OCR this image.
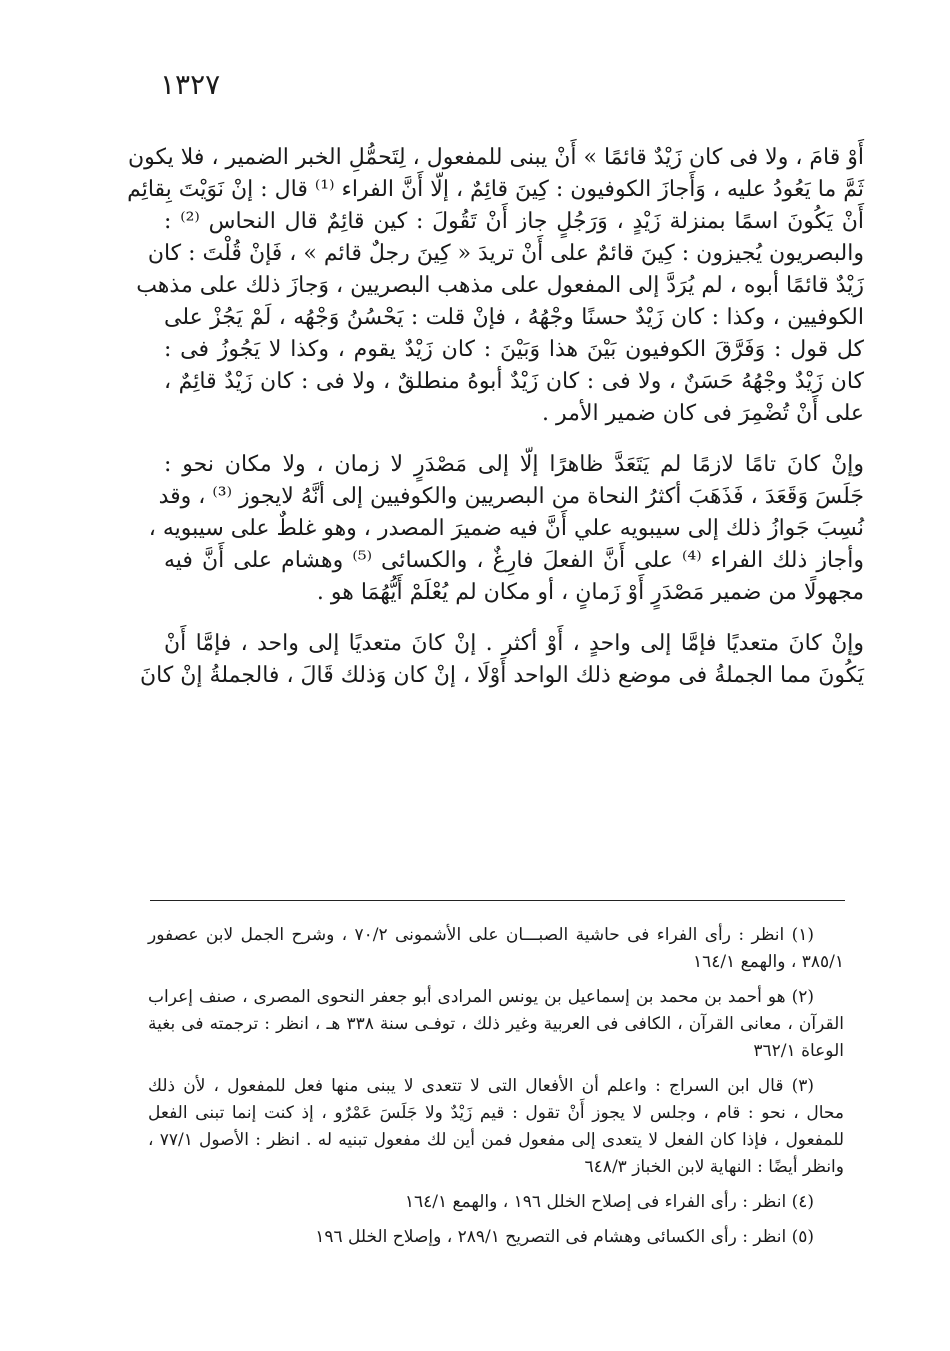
١٣٢٧

أَوْ قامَ ، ولا فى كان زَيْدٌ قائمًا » أَنْ يبنى للمفعول ، لِتَحمُّلِ الخبر الضمير ، فلا يكون

ثَمَّ ما يَعُودُ عليه ، وَأَجازَ الكوفيون : كِينَ قائِمٌ ، إلّا أَنَّ الفراء ⁽¹⁾ قال : إنْ نَوَيْتَ بِقائِم

أَنْ يَكُونَ اسمًا بمنزلة زَيْدٍ ، وَرَجُلٍ جاز أَنْ تَقُولَ : كين قائِمٌ قال النحاس ⁽²⁾ :

والبصريون يُجيزون : كِينَ قائمٌ على أَنْ تريدَ « كِينَ رجلٌ قائم » ، فَإنْ قُلْتَ : كان

زَيْدٌ قائمًا أبوه ، لم يُرَدَّ إلى المفعول على مذهب البصريين ، وَجازَ ذلك على مذهب

الكوفيين ، وكذا : كان زَيْدٌ حسنًا وجْهُهُ ، فإنْ قلت : يَحْسُنُ وَجْهُه ، لَمْ يَجُزْ على

كل قول : وَفَرَّقَ الكوفيون بَيْنَ هذا وَبَيْنَ : كان زَيْدٌ يقوم ، وكذا لا يَجُوزُ فى :

كان زَيْدٌ وجْهُهُ حَسَنٌ ، ولا فى : كان زَيْدٌ أبوهُ منطلقٌ ، ولا فى : كان زَيْدٌ قائِمٌ ،

على أَنْ تُضْمِرَ فى كان ضمير الأمر .

وإنْ كانَ تامًا لازمًا لم يَتَعَدَّ ظاهرًا إلّا إلى مَصْدَرٍ لا زمان ، ولا مكان نحو :

جَلَسَ وَقَعَدَ ، فَذَهَبَ أكثرُ النحاة من البصريين والكوفيين إلى أنَّهُ لايجوز ⁽³⁾ ، وقد

نُسِبَ جَوازُ ذلك إلى سيبويه علي أَنَّ فيه ضميرَ المصدر ، وهو غلطٌ على سيبويه ،

وأجاز ذلك الفراء ⁽⁴⁾ على أَنَّ الفعلَ فارِغٌ ، والكسائى ⁽⁵⁾ وهشام على أَنَّ فيه

مجهولًا من ضمير مَصْدَرٍ أَوْ زَمانٍ ، أو مكان لم يُعْلَمْ أَيُّهُمَا هو .

وإنْ كانَ متعديًا فإمَّا إلى واحدٍ ، أَوْ أكثر . إنْ كانَ متعديًا إلى واحد ، فإمَّا أَنْ

يَكُونَ مما الجملةُ فى موضع ذلك الواحد أَوْلَا ، إنْ كان وَذلك قَالَ ، فالجملةُ إنْ كانَ

(١) انظر : رأى الفراء فى حاشية الصبـــان على الأشمونى ٧٠/٢ ، وشرح الجمل لابن عصفور

٣٨٥/١ ، والهمع ١٦٤/١

(٢) هو أحمد بن محمد بن إسماعيل بن يونس المرادى أبو جعفر النحوى المصرى ، صنف إعراب

القرآن ، معانى القرآن ، الكافى فى العربية وغير ذلك ، توفـى سنة ٣٣٨ هـ ، انظر : ترجمته فى بغية

الوعاة ٣٦٢/١

(٣) قال ابن السراج : واعلم أن الأفعال التى لا تتعدى لا يبنى منها فعل للمفعول ، لأن ذلك

محال ، نحو : قام ، وجلس لا يجوز أَنْ تقول : قيم زَيْدٌ ولا جَلَسَ عَمْرٌو ، إذ كنت إنما تبنى الفعل

للمفعول ، فإذا كان الفعل لا يتعدى إلى مفعول فمن أين لك مفعول تبنيه له . انظر : الأصول ٧٧/١ ،

وانظر أيضًا : النهاية لابن الخباز ٦٤٨/٣

(٤) انظر : رأى الفراء فى إصلاح الخلل ١٩٦ ، والهمع ١٦٤/١

(٥) انظر : رأى الكسائى وهشام فى التصريح ٢٨٩/١ ، وإصلاح الخلل ١٩٦
